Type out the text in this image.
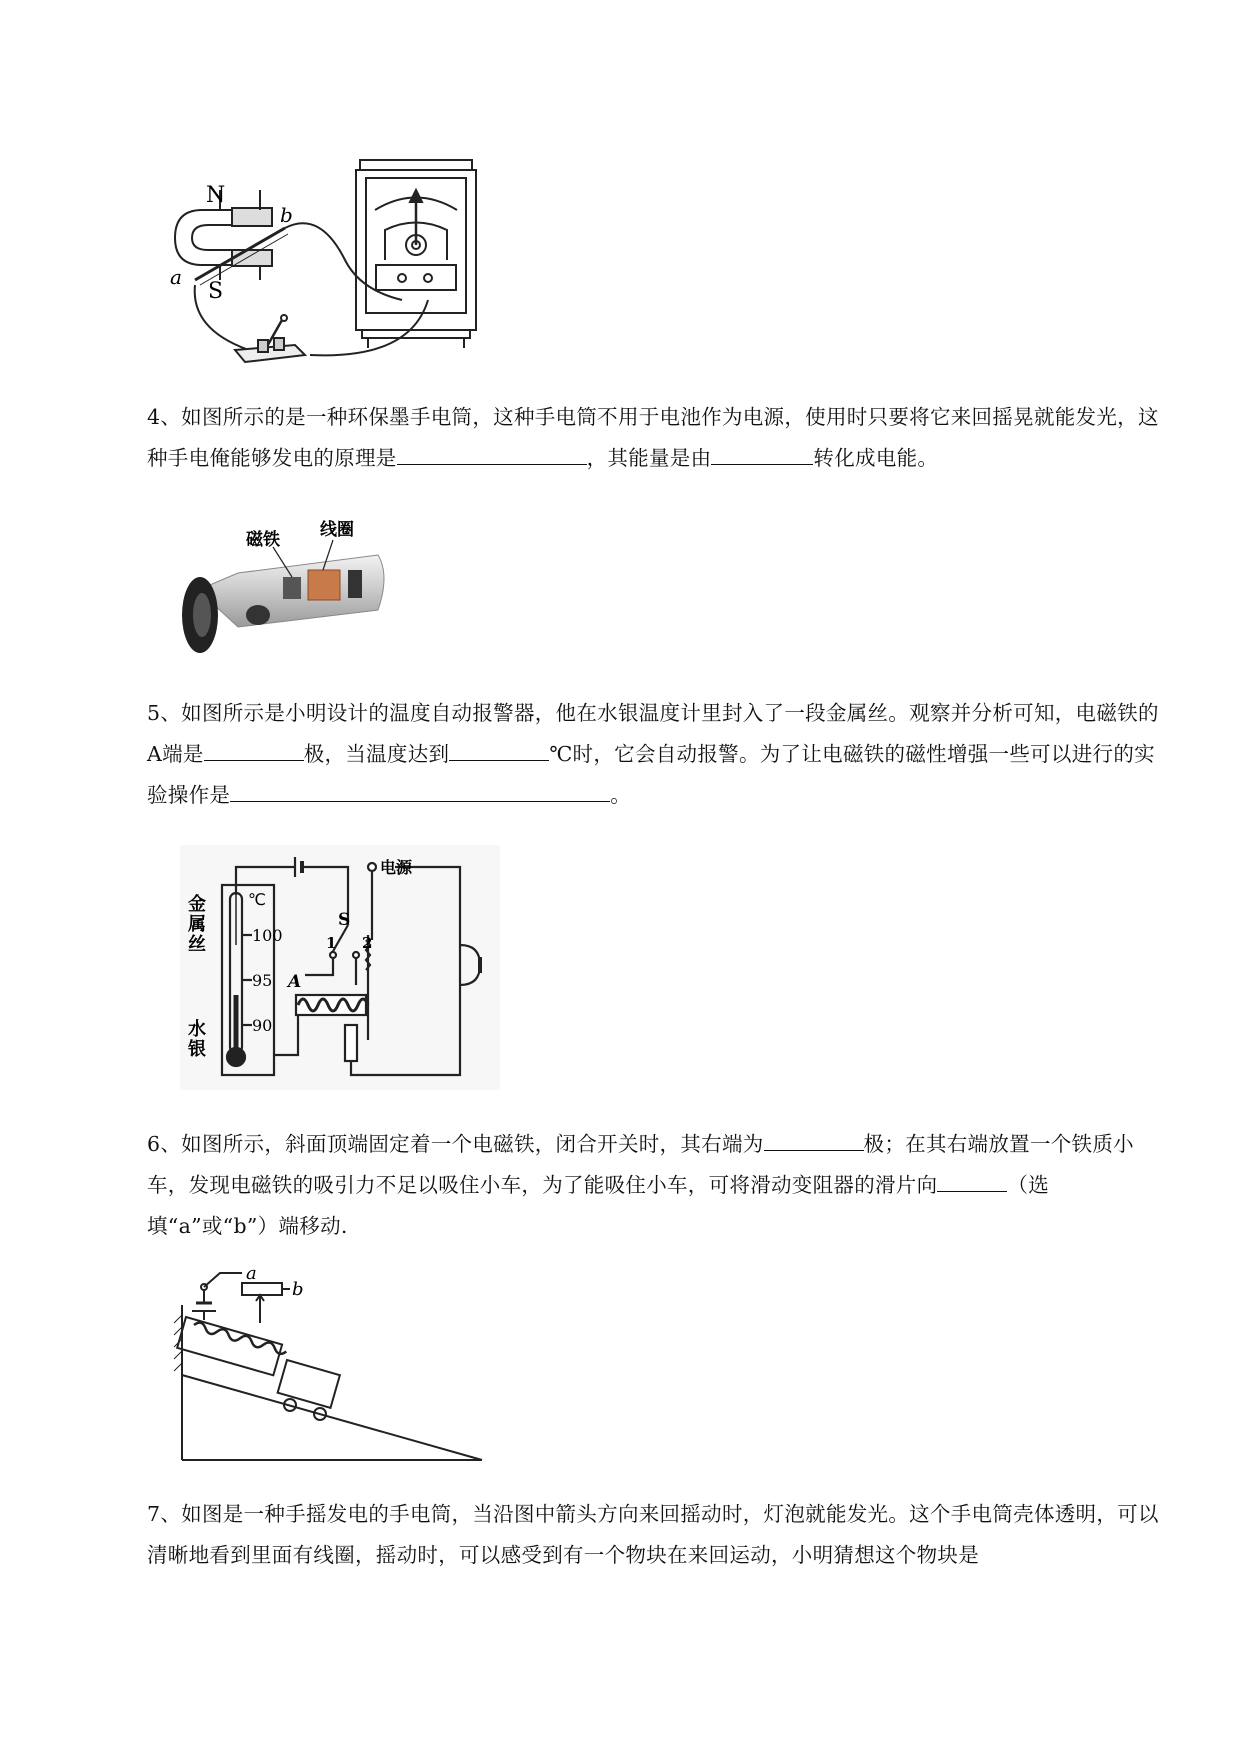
N
S
a
b
4、如图所示的是一种环保墨手电筒，这种手电筒不用于电池作为电源，使用时只要将它来回摇晃就能发光，这种手电俺能够发电的原理是	，其能量是由	转化成电能。
磁铁 线圈
5、如图所示是小明设计的温度自动报警器，他在水银温度计里封入了一段金属丝。观察并分析可知，电磁铁的A端是	极，当温度达到	℃时，它会自动报警。为了让电磁铁的磁性增强一些可以进行的实验操作是	。
金
属
丝
水
银
℃
100
95
90
S
1 2
A
电源
6、如图所示，斜面顶端固定着一个电磁铁，闭合开关时，其右端为	极；在其右端放置一个铁质小车，发现电磁铁的吸引力不足以吸住小车，为了能吸住小车，可将滑动变阻器的滑片向	（选填“a”或“b”）端移动.
a
b
7、如图是一种手摇发电的手电筒，当沿图中箭头方向来回摇动时，灯泡就能发光。这个手电筒壳体透明，可以清晰地看到里面有线圈，摇动时，可以感受到有一个物块在来回运动，小明猜想这个物块是
